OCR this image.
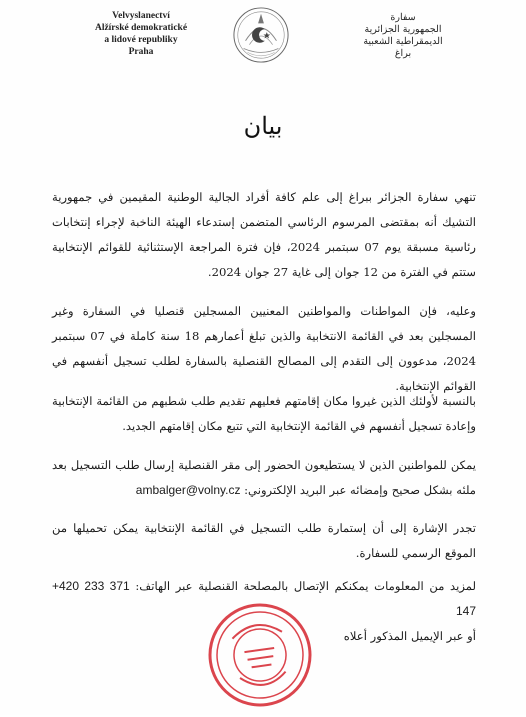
Velvyslanectví
Alžírské demokratické
a lidové republiky
Praha
سفارة
الجمهورية الجزائرية
الديمقراطية الشعبية
براغ
بيان

تنهي سفارة الجزائر ببراغ إلى علم كافة أفراد الجالية الوطنية المقيمين في جمهورية التشيك أنه بمقتضى المرسوم الرئاسي المتضمن إستدعاء الهيئة الناخبة لإجراء إنتخابات رئاسية مسبقة يوم 07 سبتمبر 2024، فإن فترة المراجعة الإستثنائية للقوائم الإنتخابية ستتم في الفترة من 12 جوان إلى غاية 27 جوان 2024.

وعليه، فإن المواطنات والمواطنين المعنيين المسجلين قنصليا في السفارة وغير المسجلين بعد في القائمة الانتخابية والذين تبلغ أعمارهم 18 سنة كاملة في 07 سبتمبر 2024، مدعوون إلى التقدم إلى المصالح القنصلية بالسفارة لطلب تسجيل أنفسهم في القوائم الإنتخابية.

بالنسبة لأولئك الذين غيروا مكان إقامتهم فعليهم تقديم طلب شطبهم من القائمة الإنتخابية وإعادة تسجيل أنفسهم في القائمة الإنتخابية التي تتبع مكان إقامتهم الجديد.

يمكن للمواطنين الذين لا يستطيعون الحضور إلى مقر القنصلية إرسال طلب التسجيل بعد ملئه بشكل صحيح وإمضائه عبر البريد الإلكتروني: ambalger@volny.cz

تجدر الإشارة إلى أن إستمارة طلب التسجيل في القائمة الإنتخابية يمكن تحميلها من الموقع الرسمي للسفارة.

لمزيد من المعلومات يمكنكم الإتصال بالمصلحة القنصلية عبر الهاتف: +420 233 371 147
أو عبر الإيميل المذكور أعلاه
